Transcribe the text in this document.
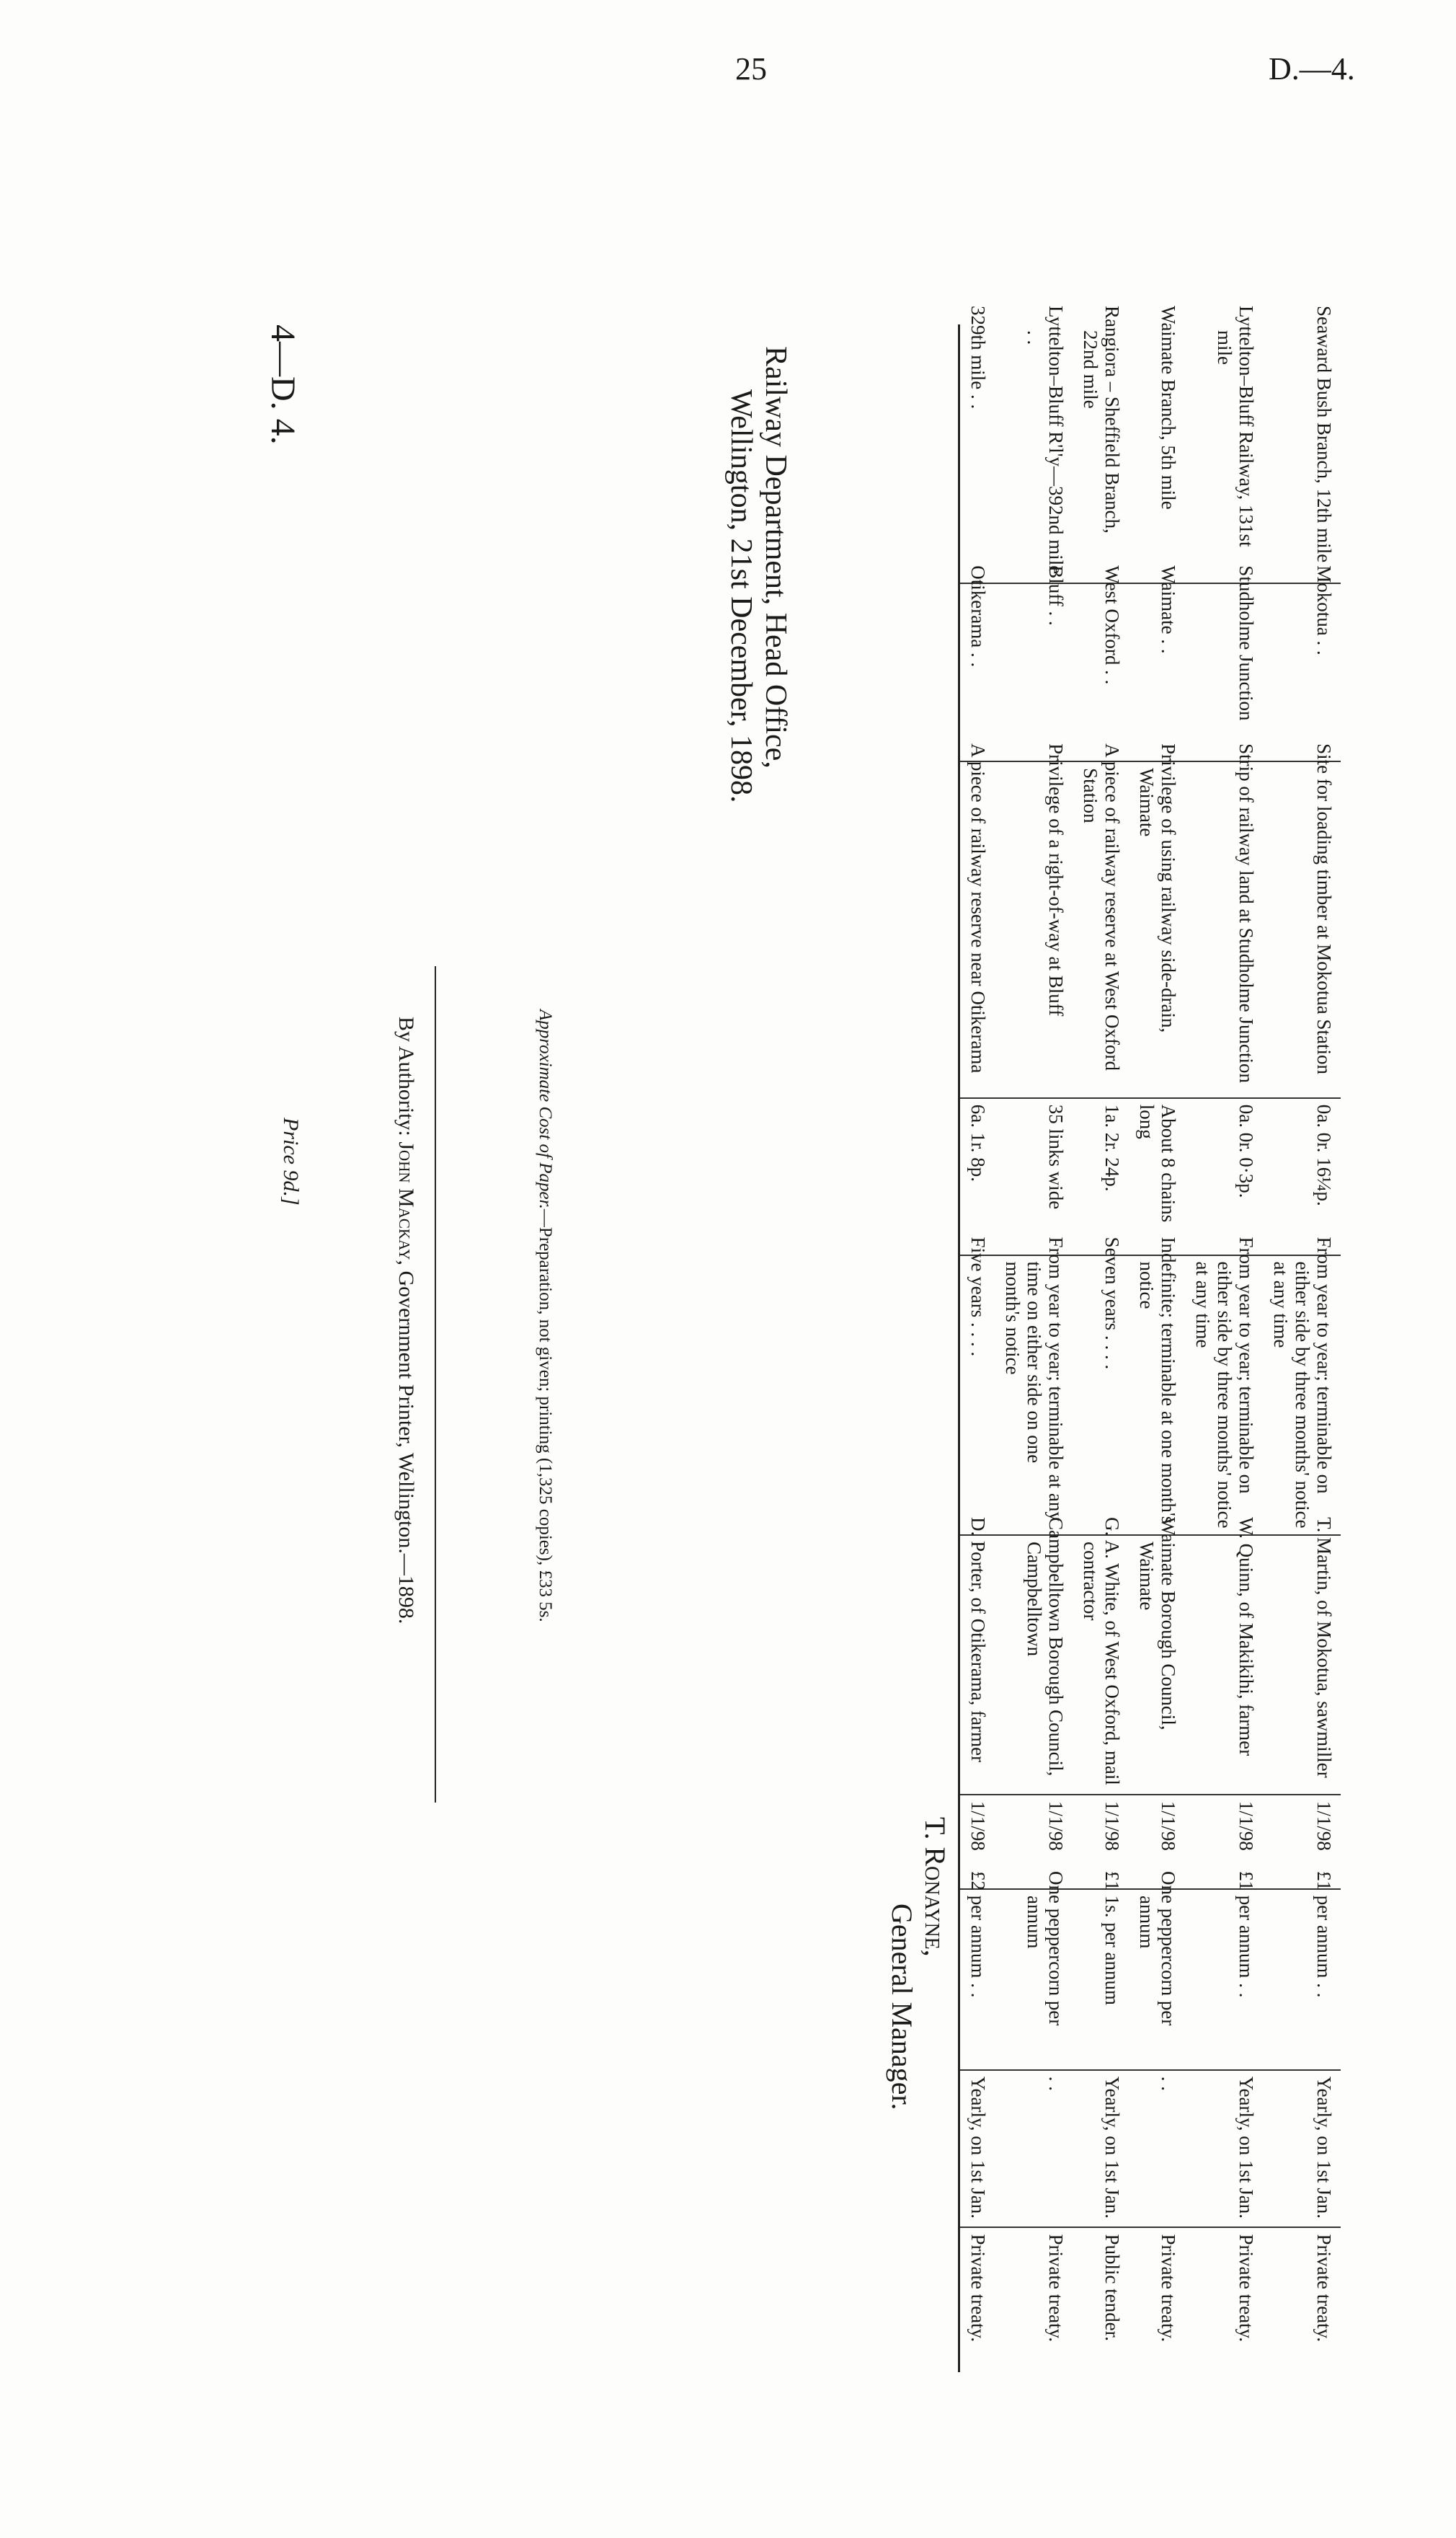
25	D.—4.
Seaward Bush Branch, 12th mile	Mokotua . .	Site for loading timber at Mokotua Station	0a. 0r. 16¼p.	From year to year; terminable on either side by three months' notice at any time	T. Martin, of Mokotua, sawmiller	1/1/98	£1 per annum . .	Yearly, on 1st Jan.	Private treaty.
Lyttelton–Bluff Railway, 131st mile	Studholme Junction	Strip of railway land at Studholme Junction	0a. 0r. 0·3p.	From year to year; terminable on either side by three months' notice at any time	W. Quinn, of Makikihi, farmer	1/1/98	£1 per annum . .	Yearly, on 1st Jan.	Private treaty.
Waimate Branch, 5th mile	Waimate . .	Privilege of using railway side-drain, Waimate	About 8 chains long	Indefinite; terminable at one month's notice	Waimate Borough Council, Waimate	1/1/98	One peppercorn per annum	. .	Private treaty.
Rangiora – Sheffield Branch, 22nd mile	West Oxford . .	A piece of railway reserve at West Oxford Station	1a. 2r. 24p.	Seven years . . . .	G. A. White, of West Oxford, mail contractor	1/1/98	£1 1s. per annum	Yearly, on 1st Jan.	Public tender.
Lyttelton–Bluff R'l'y—392nd mile . .	Bluff . .	Privilege of a right-of-way at Bluff	35 links wide	From year to year; terminable at any time on either side on one month's notice	Campbelltown Borough Council, Campbelltown	1/1/98	One peppercorn per annum	. .	Private treaty.
329th mile . .	Otikerama . .	A piece of railway reserve near Otikerama	6a. 1r. 8p.	Five years . . . .	D. Porter, of Otikerama, farmer	1/1/98	£2 per annum . .	Yearly, on 1st Jan.	Private treaty.
Railway Department, Head Office,
Wellington, 21st December, 1898.
T. Ronayne,
General Manager.
Approximate Cost of Paper.—Preparation, not given; printing (1,325 copies), £33 5s.
By Authority: John Mackay, Government Printer, Wellington.—1898.
Price 9d.]
4—D. 4.
